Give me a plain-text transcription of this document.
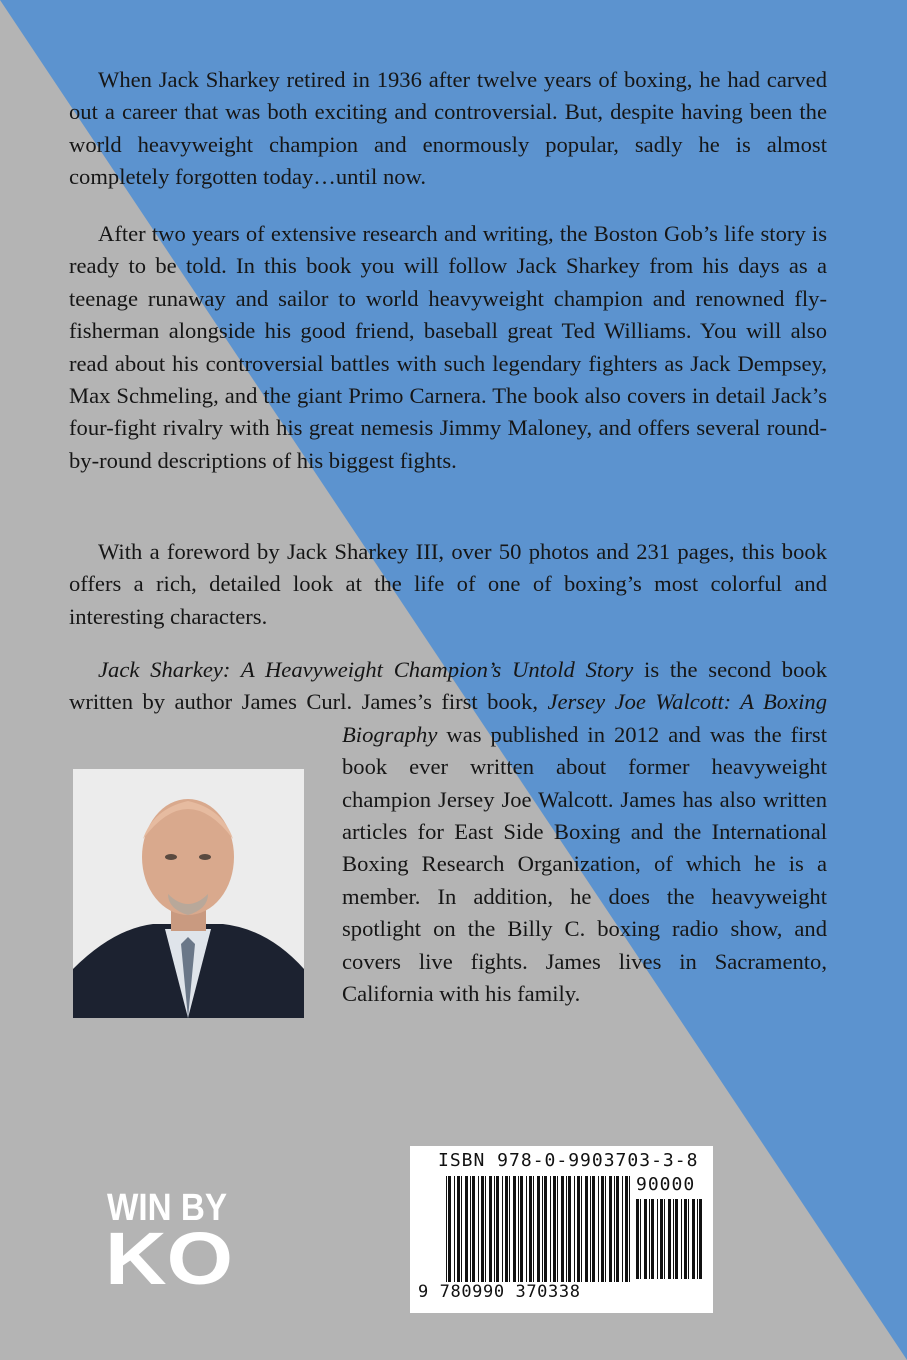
When Jack Sharkey retired in 1936 after twelve years of boxing, he had carved out a career that was both exciting and controversial. But, despite having been the world heavyweight champion and enormously popular, sadly he is almost completely forgotten today…until now.

After two years of extensive research and writing, the Boston Gob’s life story is ready to be told. In this book you will follow Jack Sharkey from his days as a teenage runaway and sailor to world heavyweight champion and renowned fly-fisherman alongside his good friend, baseball great Ted Williams. You will also read about his controversial battles with such legendary fighters as Jack Dempsey, Max Schmeling, and the giant Primo Carnera. The book also covers in detail Jack’s four-fight rivalry with his great nemesis Jimmy Maloney, and offers several round-by-round descriptions of his biggest fights.

With a foreword by Jack Sharkey III, over 50 photos and 231 pages, this book offers a rich, detailed look at the life of one of boxing’s most colorful and interesting characters.

Jack Sharkey: A Heavyweight Champion’s Untold Story is the second book written by author James Curl. James’s first book, Jersey Joe Walcott: A Boxing Biography was published in 2012 and was the first book ever written about former heavyweight champion Jersey Joe Walcott. James has also written articles for East Side Boxing and the International Boxing Research Organization, of which he is a member. In addition, he does the heavyweight spotlight on the Billy C. boxing radio show, and covers live fights. James lives in Sacramento, California with his family.

WIN BY
KO
ISBN 978-0-9903703-3-8
90000
9 780990 370338
